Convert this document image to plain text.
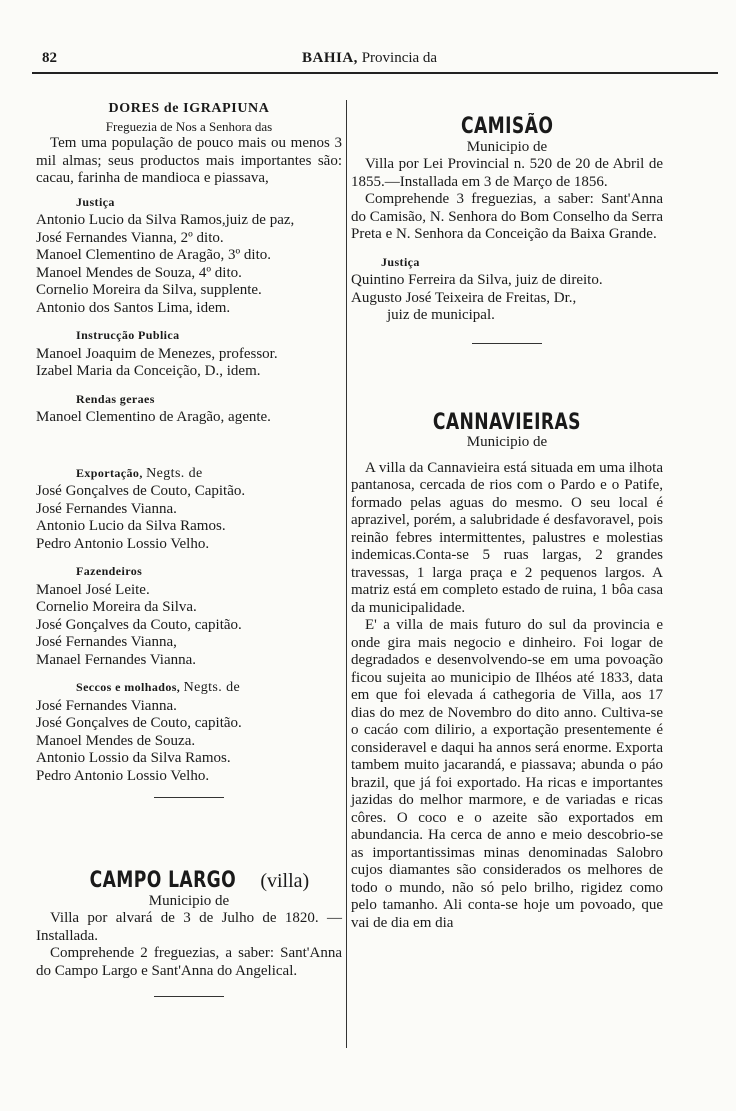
82	BAHIA, Provincia da
DORES de IGRAPIUNA
Freguezia de Nos a Senhora das

Tem uma população de pouco mais ou menos 3 mil almas; seus productos mais importantes são: cacau, farinha de mandioca e piassava,

Justiça
Antonio Lucio da Silva Ramos,juiz de paz,
José Fernandes Vianna, 2º dito.
Manoel Clementino de Aragão, 3º dito.
Manoel Mendes de Souza, 4º dito.
Cornelio Moreira da Silva, supplente.
Antonio dos Santos Lima, idem.
Instrucção Publica
Manoel Joaquim de Menezes, professor.
Izabel Maria da Conceição, D., idem.
Rendas geraes
Manoel Clementino de Aragão, agente.
Exportação, Negts. de
José Gonçalves de Couto, Capitão.
José Fernandes Vianna.
Antonio Lucio da Silva Ramos.
Pedro Antonio Lossio Velho.
Fazendeiros
Manoel José Leite.
Cornelio Moreira da Silva.
José Gonçalves da Couto, capitão.
José Fernandes Vianna,
Manael Fernandes Vianna.
Seccos e molhados, Negts. de
José Fernandes Vianna.
José Gonçalves de Couto, capitão.
Manoel Mendes de Souza.
Antonio Lossio da Silva Ramos.
Pedro Antonio Lossio Velho.
CAMPO LARGO (villa)
Municipio de

Villa por alvará de 3 de Julho de 1820. —Installada.

Comprehende 2 freguezias, a saber: Sant'Anna do Campo Largo e Sant'Anna do Angelical.

CAMISÃO
Municipio de

Villa por Lei Provincial n. 520 de 20 de Abril de 1855.—Installada em 3 de Março de 1856.

Comprehende 3 freguezias, a saber: Sant'Anna do Camisão, N. Senhora do Bom Conselho da Serra Preta e N. Senhora da Conceição da Baixa Grande.

Justiça
Quintino Ferreira da Silva, juiz de direito.
Augusto José Teixeira de Freitas, Dr.,
juiz de municipal.
CANNAVIEIRAS
Municipio de

A villa da Cannavieira está situada em uma ilhota pantanosa, cercada de rios com o Pardo e o Patife, formado pelas aguas do mesmo. O seu local é aprazivel, porém, a salubridade é desfavoravel, pois reinão febres intermittentes, palustres e molestias indemicas.Conta-se 5 ruas largas, 2 grandes travessas, 1 larga praça e 2 pequenos largos. A matriz está em completo estado de ruina, 1 bôa casa da municipalidade.

E' a villa de mais futuro do sul da provincia e onde gira mais negocio e dinheiro. Foi logar de degradados e desenvolvendo-se em uma povoação ficou sujeita ao municipio de Ilhéos até 1833, data em que foi elevada á cathegoria de Villa, aos 17 dias do mez de Novembro do dito anno. Cultiva-se o cacáo com dilirio, a exportação presentemente é consideravel e daqui ha annos será enorme. Exporta tambem muito jacarandá, e piassava; abunda o páo brazil, que já foi exportado. Ha ricas e importantes jazidas do melhor marmore, e de variadas e ricas côres. O coco e o azeite são exportados em abundancia. Ha cerca de anno e meio descobrio-se as importantissimas minas denominadas Salobro cujos diamantes são considerados os melhores de todo o mundo, não só pelo brilho, rigidez como pelo tamanho. Ali conta-se hoje um povoado, que vai de dia em dia
